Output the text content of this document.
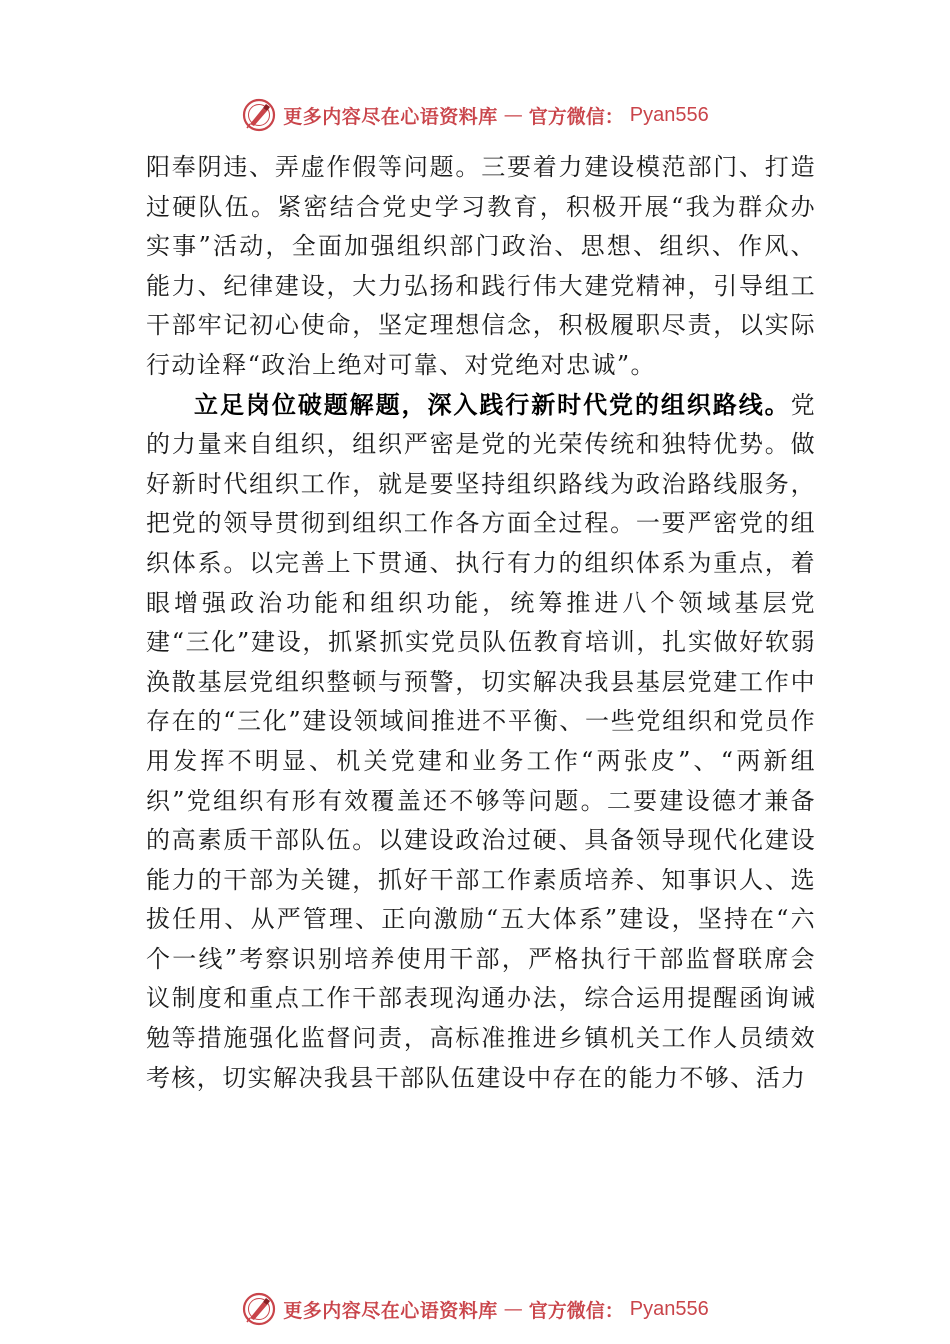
更多内容尽在心语资料库 — 官方微信： Pyan556

阳奉阴违、弄虚作假等问题。三要着力建设模范部门、打造过硬队伍。紧密结合党史学习教育，积极开展“我为群众办实事”活动，全面加强组织部门政治、思想、组织、作风、能力、纪律建设，大力弘扬和践行伟大建党精神，引导组工干部牢记初心使命，坚定理想信念，积极履职尽责，以实际行动诠释“政治上绝对可靠、对党绝对忠诚”。

立足岗位破题解题，深入践行新时代党的组织路线。党的力量来自组织，组织严密是党的光荣传统和独特优势。做好新时代组织工作，就是要坚持组织路线为政治路线服务，把党的领导贯彻到组织工作各方面全过程。一要严密党的组织体系。以完善上下贯通、执行有力的组织体系为重点，着眼增强政治功能和组织功能，统筹推进八个领域基层党建“三化”建设，抓紧抓实党员队伍教育培训，扎实做好软弱涣散基层党组织整顿与预警，切实解决我县基层党建工作中存在的“三化”建设领域间推进不平衡、一些党组织和党员作用发挥不明显、机关党建和业务工作“两张皮”、“两新组织”党组织有形有效覆盖还不够等问题。二要建设德才兼备的高素质干部队伍。以建设政治过硬、具备领导现代化建设能力的干部为关键，抓好干部工作素质培养、知事识人、选拔任用、从严管理、正向激励“五大体系”建设，坚持在“六个一线”考察识别培养使用干部，严格执行干部监督联席会议制度和重点工作干部表现沟通办法，综合运用提醒函询诫勉等措施强化监督问责，高标准推进乡镇机关工作人员绩效考核，切实解决我县干部队伍建设中存在的能力不够、活力

更多内容尽在心语资料库 — 官方微信： Pyan556
